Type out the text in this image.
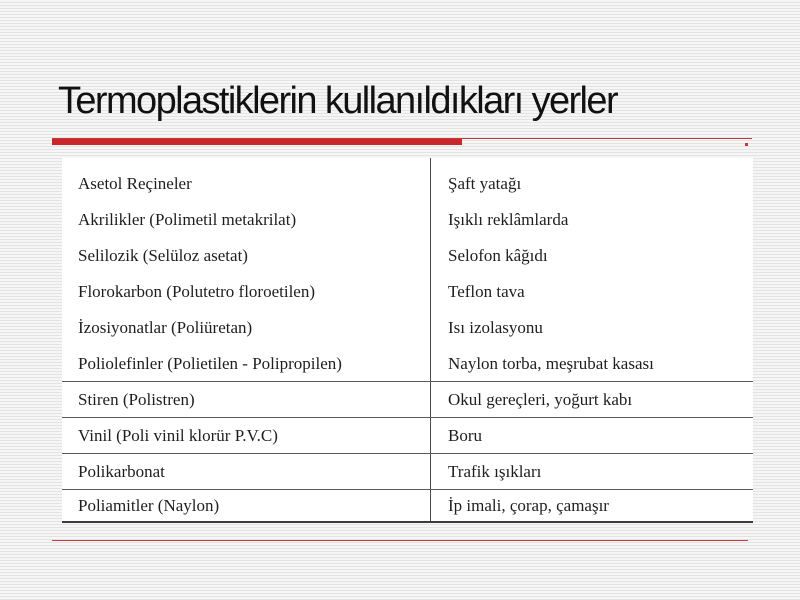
Termoplastiklerin kullanıldıkları yerler
Asetol Reçineler	Şaft yatağı
Akrilikler (Polimetil metakrilat)	Işıklı reklâmlarda
Selilozik (Selüloz asetat)	Selofon kâğıdı
Florokarbon (Polutetro floroetilen)	Teflon tava
İzosiyonatlar (Poliüretan)	Isı izolasyonu
Poliolefinler (Polietilen - Polipropilen)	Naylon torba, meşrubat kasası
Stiren (Polistren)	Okul gereçleri, yoğurt kabı
Vinil (Poli vinil klorür P.V.C)	Boru
Polikarbonat	Trafik ışıkları
Poliamitler (Naylon)	İp imali, çorap, çamaşır
